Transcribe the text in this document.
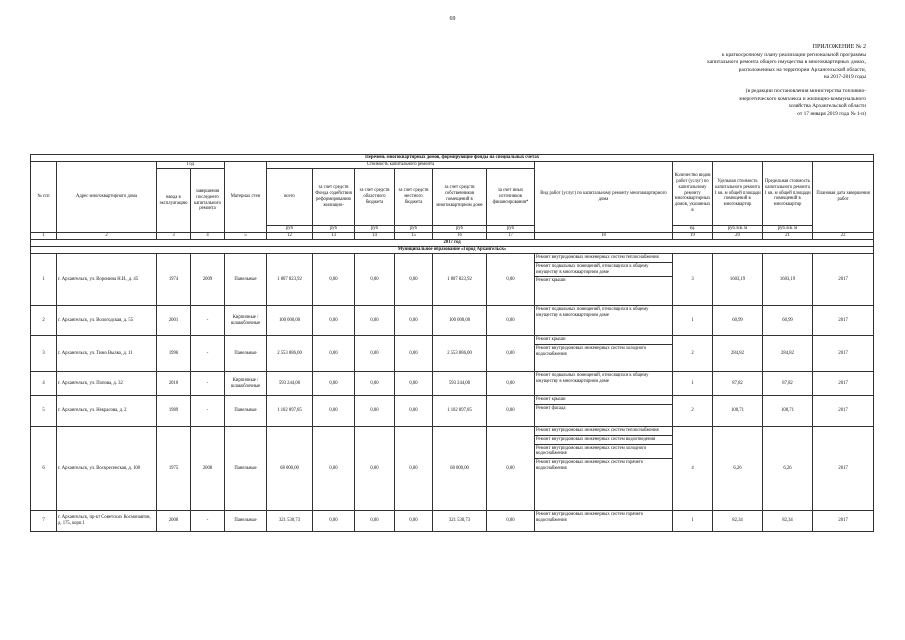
69
ПРИЛОЖЕНИЕ № 2
к краткосрочному плану реализации региональной программы
капитального ремонта общего имущества в многоквартирных домах,
расположенных на территории Архангельской области,
на 2017-2019 годы
(в редакции постановления министерства топливно-
энергетического комплекса и жилищно-коммунального
хозяйства Архангельской области
от 17 января 2019 года № 1-п)
Перечень многоквартирных домов, формирующие фонды на специальных счетах															
№ п/п	Адрес многоквартирного дома	Год		Материал стен	Стоимость капитального ремонта						Вид работ (услуг) по капитальному ремонту многоквартирного дома	Количество видов работ (услуг) по капитальному ремонту многоквартирных домов, указанных в	Удельная стоимость капитального ремонта 1 кв. м общей площади помещений в многоквартир	Предельная стоимость капитального ремонта 1 кв. м общей площади помещений в многоквартир	Плановая дата завершения работ
		ввода в эксплуатацию	завершения последнего капитального ремонта		всего	за счет средств Фонда содействия реформированию жилищно-	за счет средств областного бюджета	за счет средств местного бюджета	за счет средств собственников помещений в многоквартирном доме	за счет иных источников финансирования*					
					руб	руб	руб	руб	руб	руб		ед.	руб./кв. м	руб./кв. м	
1	2	3	4	5	12	13	14	15	16	17	18	19	20	21	22
2017 год															
Муниципальное образование «Город Архангельск»															
1	г. Архангельск, ул. Воронина Н.И., д. 45	1974	2009	Панельные	1 807 823,92	0,00	0,00	0,00	1 807 823,92	0,00	Ремонт внутридомовых инженерных систем теплоснабжения
Ремонт подвальных помещений, относящихся к общему имуществу в многоквартирном доме
Ремонт крыши	3	1603,19	1603,19	2017
2	г. Архангельск, ул. Вологодская, д. 55	2001	-	Кирпичные / шлакоблочные	100 000,00	0,00	0,00	0,00	100 000,00	0,00	Ремонт подвальных помещений, относящихся к общему имуществу в многоквартирном доме	1	60,99	60,99	2017
3	г. Архангельск, ул. Тимо Вылко, д. 11	1996	-	Панельные	2 553 886,00	0,00	0,00	0,00	2 553 886,00	0,00	Ремонт крыши
Ремонт внутридомовых инженерных систем холодного водоснабжения	2	284,82	284,82	2017
4	г. Архангельск, ул. Попова, д. 32	2010	-	Кирпичные / шлакоблочные	593 244,00	0,00	0,00	0,00	593 244,00	0,00	Ремонт подвальных помещений, относящихся к общему имуществу в многоквартирном доме	1	87,82	87,82	2017
5	г. Архангельск, ул. Некрасова, д. 2	1989	-	Панельные	1 102 897,85	0,00	0,00	0,00	1 102 897,85	0,00	Ремонт крыши
Ремонт фасада	2	108,71	108,71	2017
6	г. Архангельск, ул. Воскресенская, д. 100	1975	2008	Панельные	68 000,00	0,00	0,00	0,00	68 000,00	0,00	Ремонт внутридомовых инженерных систем теплоснабжения
Ремонт внутридомовых инженерных систем водоотведения
Ремонт внутридомовых инженерных систем холодного водоснабжения
Ремонт внутридомовых инженерных систем горячего водоснабжения	4	6,26	6,26	2017
7	г. Архангельск, пр-кт Советских Космонавтов, д. 175, корп.1	2008	-	Панельные	321 530,73	0,00	0,00	0,00	321 530,73	0,00	Ремонт внутридомовых инженерных систем горячего водоснабжения	1	82,34	82,34	2017
